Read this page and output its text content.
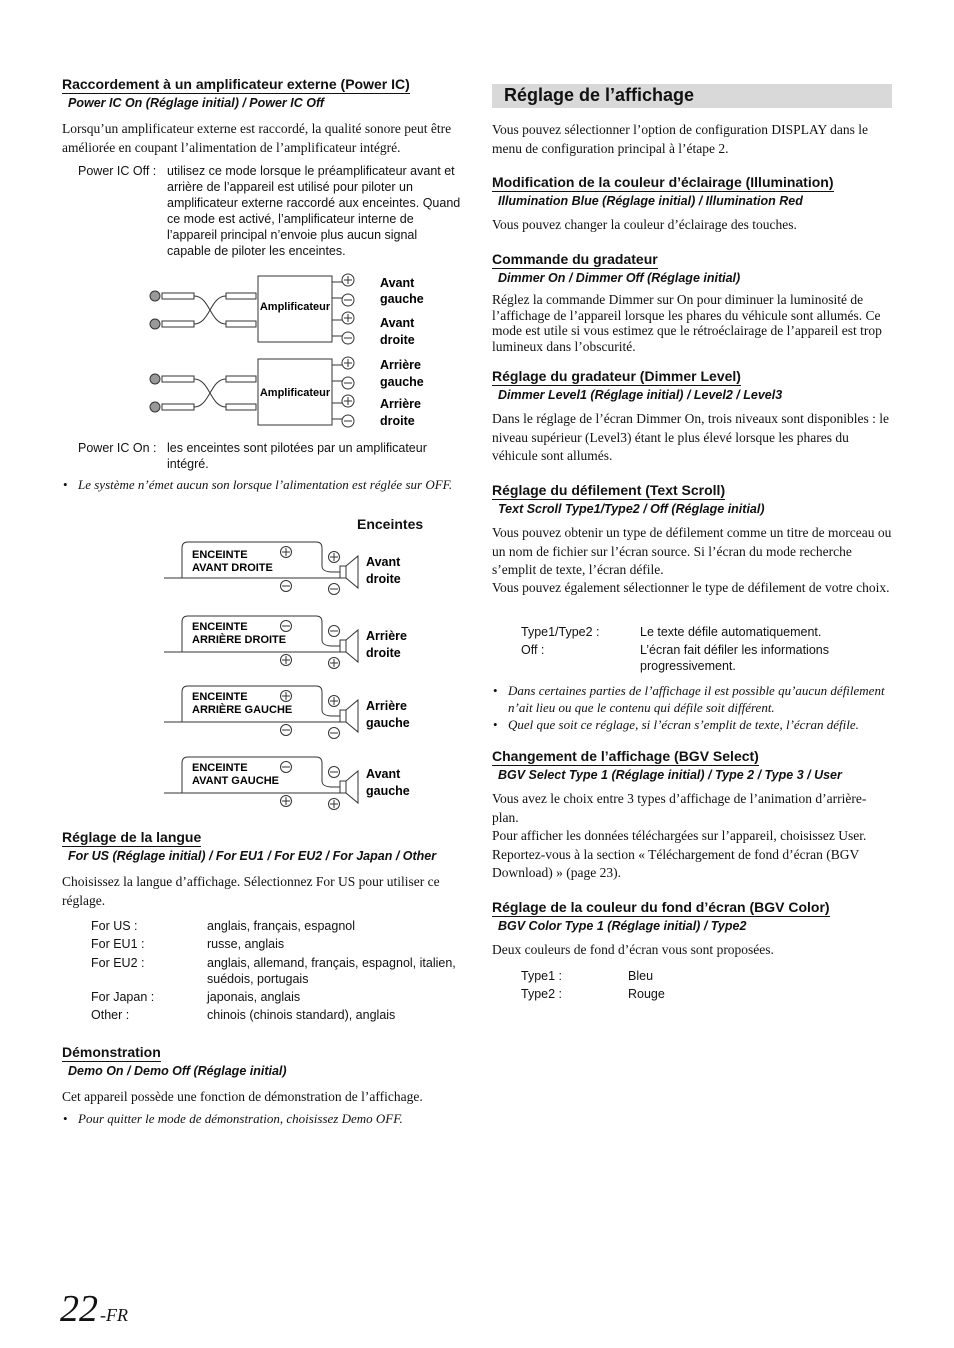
Raccordement à un amplificateur externe (Power IC)
Power IC On (Réglage initial) / Power IC Off
Lorsqu’un amplificateur externe est raccordé, la qualité sonore peut être améliorée en coupant l’alimentation de l’amplificateur intégré.
Power IC Off : utilisez ce mode lorsque le préamplificateur avant et arrière de l’appareil est utilisé pour piloter un amplificateur externe raccordé aux enceintes. Quand ce mode est activé, l’amplificateur interne de l’appareil principal n’envoie plus aucun signal capable de piloter les enceintes.
Amplificateur
Avant
gauche
Avant
droite
Amplificateur
Arrière
gauche
Arrière
droite
Power IC On : les enceintes sont pilotées par un amplificateur intégré.
• Le système n’émet aucun son lorsque l’alimentation est réglée sur OFF.
Enceintes
ENCEINTE
AVANT DROITE	Avant
droite
ENCEINTE
ARRIÈRE DROITE	Arrière
droite
ENCEINTE
ARRIÈRE GAUCHE	Arrière
gauche
ENCEINTE
AVANT GAUCHE	Avant
gauche
Réglage de la langue
For US (Réglage initial) / For EU1 / For EU2 / For Japan / Other
Choisissez la langue d’affichage. Sélectionnez For US pour utiliser ce réglage.
For US :	anglais, français, espagnol
For EU1 :	russe, anglais
For EU2 :	anglais, allemand, français, espagnol, italien, suédois, portugais
For Japan :	japonais, anglais
Other :	chinois (chinois standard), anglais
Démonstration
Demo On / Demo Off (Réglage initial)
Cet appareil possède une fonction de démonstration de l’affichage.
• Pour quitter le mode de démonstration, choisissez Demo OFF.
Réglage de l’affichage
Vous pouvez sélectionner l’option de configuration DISPLAY dans le menu de configuration principal à l’étape 2.
Modification de la couleur d’éclairage (Illumination)
Illumination Blue (Réglage initial) / Illumination Red
Vous pouvez changer la couleur d’éclairage des touches.
Commande du gradateur
Dimmer On / Dimmer Off (Réglage initial)
Réglez la commande Dimmer sur On pour diminuer la luminosité de l’affichage de l’appareil lorsque les phares du véhicule sont allumés. Ce mode est utile si vous estimez que le rétroéclairage de l’appareil est trop lumineux dans l’obscurité.
Réglage du gradateur (Dimmer Level)
Dimmer Level1 (Réglage initial) / Level2 / Level3
Dans le réglage de l’écran Dimmer On, trois niveaux sont disponibles : le niveau supérieur (Level3) étant le plus élevé lorsque les phares du véhicule sont allumés.
Réglage du défilement (Text Scroll)
Text Scroll Type1/Type2 / Off (Réglage initial)
Vous pouvez obtenir un type de défilement comme un titre de morceau ou un nom de fichier sur l’écran source. Si l’écran du mode recherche s’emplit de texte, l’écran défile.
Vous pouvez également sélectionner le type de défilement de votre choix.
Type1/Type2 :	Le texte défile automatiquement.
Off :	L’écran fait défiler les informations progressivement.
• Dans certaines parties de l’affichage il est possible qu’aucun défilement n’ait lieu ou que le contenu qui défile soit différent.
• Quel que soit ce réglage, si l’écran s’emplit de texte, l’écran défile.
Changement de l’affichage (BGV Select)
BGV Select Type 1 (Réglage initial) / Type 2 / Type 3 / User
Vous avez le choix entre 3 types d’affichage de l’animation d’arrière-plan.
Pour afficher les données téléchargées sur l’appareil, choisissez User. Reportez-vous à la section « Téléchargement de fond d’écran (BGV Download) » (page 23).
Réglage de la couleur du fond d’écran (BGV Color)
BGV Color Type 1 (Réglage initial) / Type2
Deux couleurs de fond d’écran vous sont proposées.
Type1 :	Bleu
Type2 :	Rouge
22 -FR
